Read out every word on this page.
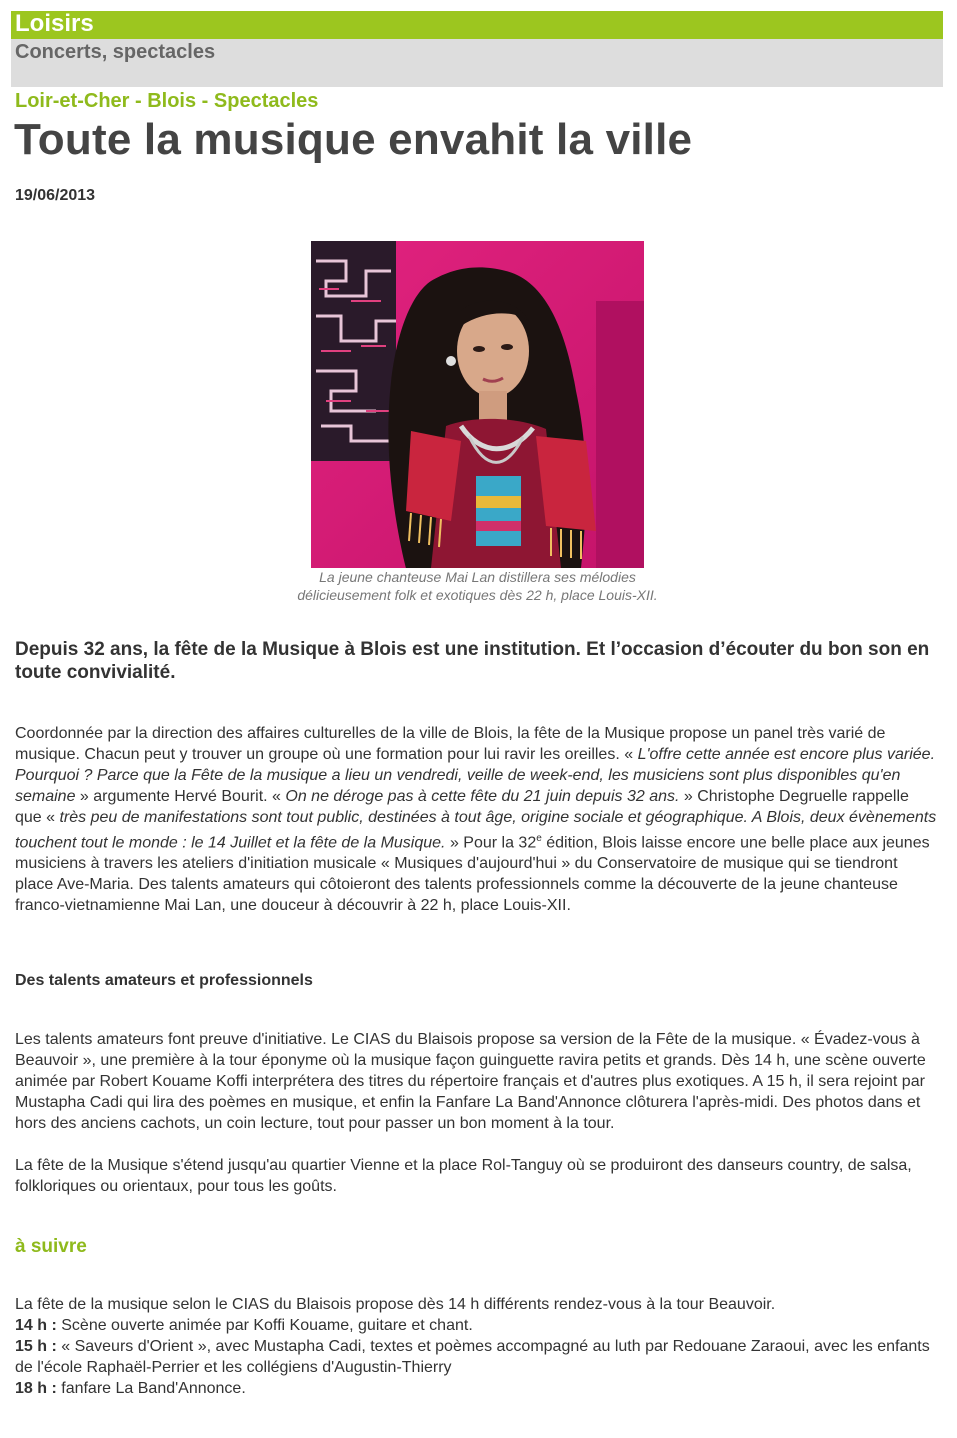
Loisirs
Concerts, spectacles
Loir-et-Cher - Blois - Spectacles
Toute la musique envahit la ville
19/06/2013
La jeune chanteuse Mai Lan distillera ses mélodies
délicieusement folk et exotiques dès 22 h, place Louis-XII.
Depuis 32 ans, la fête de la Musique à Blois est une institution. Et l’occasion d’écouter du bon son en toute convivialité.
Coordonnée par la direction des affaires culturelles de la ville de Blois, la fête de la Musique propose un panel très varié de musique. Chacun peut y trouver un groupe où une formation pour lui ravir les oreilles. « L'offre cette année est encore plus variée. Pourquoi ? Parce que la Fête de la musique a lieu un vendredi, veille de week-end, les musiciens sont plus disponibles qu'en semaine » argumente Hervé Bourit. « On ne déroge pas à cette fête du 21 juin depuis 32 ans. » Christophe Degruelle rappelle que « très peu de manifestations sont tout public, destinées à tout âge, origine sociale et géographique. A Blois, deux évènements touchent tout le monde : le 14 Juillet et la fête de la Musique. » Pour la 32e édition, Blois laisse encore une belle place aux jeunes musiciens à travers les ateliers d'initiation musicale « Musiques d'aujourd'hui » du Conservatoire de musique qui se tiendront place Ave-Maria. Des talents amateurs qui côtoieront des talents professionnels comme la découverte de la jeune chanteuse franco-vietnamienne Mai Lan, une douceur à découvrir à 22 h, place Louis-XII.
Des talents amateurs et professionnels
Les talents amateurs font preuve d'initiative. Le CIAS du Blaisois propose sa version de la Fête de la musique. « Évadez-vous à Beauvoir », une première à la tour éponyme où la musique façon guinguette ravira petits et grands. Dès 14 h, une scène ouverte animée par Robert Kouame Koffi interprétera des titres du répertoire français et d'autres plus exotiques. A 15 h, il sera rejoint par Mustapha Cadi qui lira des poèmes en musique, et enfin la Fanfare La Band'Annonce clôturera l'après-midi. Des photos dans et hors des anciens cachots, un coin lecture, tout pour passer un bon moment à la tour.
La fête de la Musique s'étend jusqu'au quartier Vienne et la place Rol-Tanguy où se produiront des danseurs country, de salsa, folkloriques ou orientaux, pour tous les goûts.
à suivre
La fête de la musique selon le CIAS du Blaisois propose dès 14 h différents rendez-vous à la tour Beauvoir.
14 h : Scène ouverte animée par Koffi Kouame, guitare et chant.
15 h : « Saveurs d'Orient », avec Mustapha Cadi, textes et poèmes accompagné au luth par Redouane Zaraoui, avec les enfants de l'école Raphaël-Perrier et les collégiens d'Augustin-Thierry
18 h : fanfare La Band'Annonce.
